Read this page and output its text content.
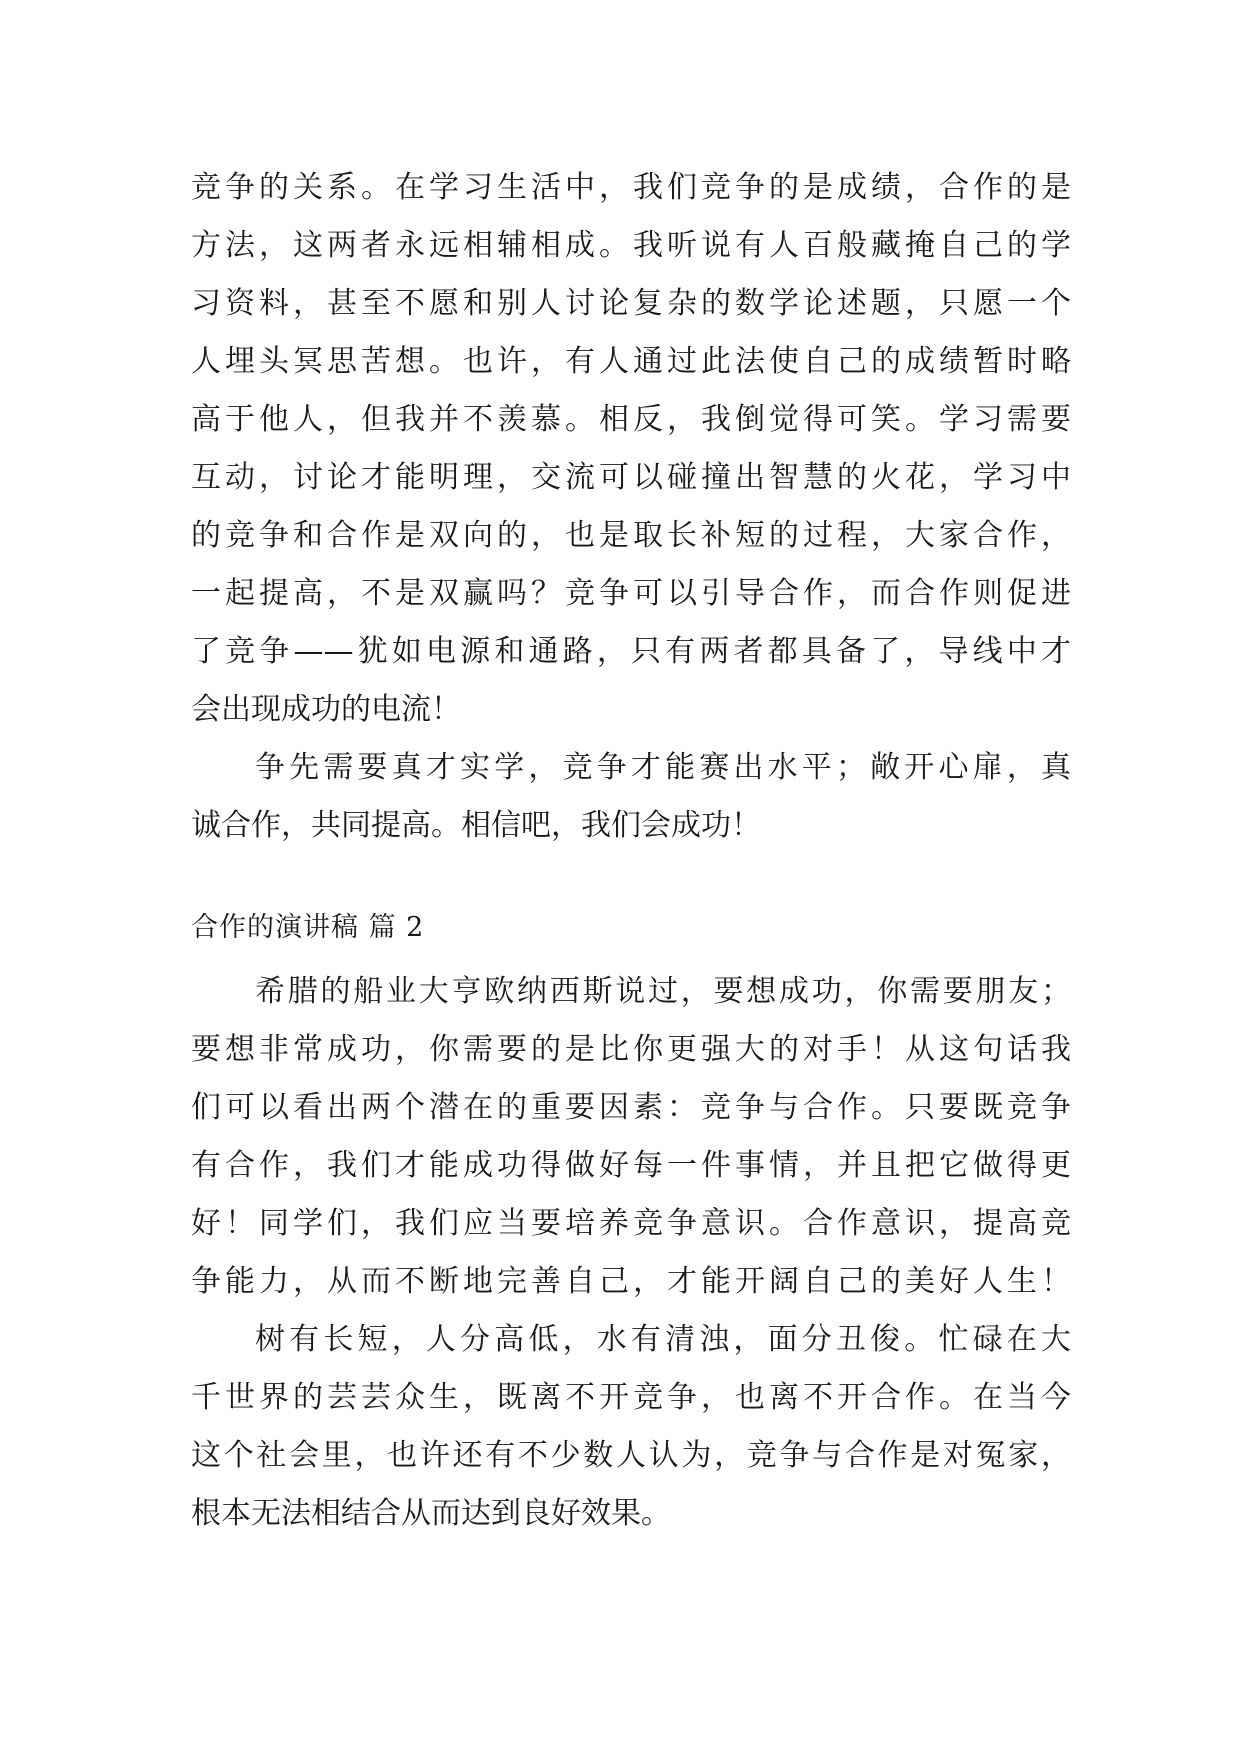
竞争的关系。在学习生活中，我们竞争的是成绩，合作的是
方法，这两者永远相辅相成。我听说有人百般藏掩自己的学
习资料，甚至不愿和别人讨论复杂的数学论述题，只愿一个
人埋头冥思苦想。也许，有人通过此法使自己的成绩暂时略
高于他人，但我并不羡慕。相反，我倒觉得可笑。学习需要
互动，讨论才能明理，交流可以碰撞出智慧的火花，学习中
的竞争和合作是双向的，也是取长补短的过程，大家合作，
一起提高，不是双赢吗？竞争可以引导合作，而合作则促进
了竞争——犹如电源和通路，只有两者都具备了，导线中才
会出现成功的电流！
争先需要真才实学，竞争才能赛出水平；敞开心扉，真
诚合作，共同提高。相信吧，我们会成功！
合作的演讲稿 篇 2
希腊的船业大亨欧纳西斯说过，要想成功，你需要朋友；
要想非常成功，你需要的是比你更强大的对手！从这句话我
们可以看出两个潜在的重要因素：竞争与合作。只要既竞争
有合作，我们才能成功得做好每一件事情，并且把它做得更
好！同学们，我们应当要培养竞争意识。合作意识，提高竞
争能力，从而不断地完善自己，才能开阔自己的美好人生！
树有长短，人分高低，水有清浊，面分丑俊。忙碌在大
千世界的芸芸众生，既离不开竞争，也离不开合作。在当今
这个社会里，也许还有不少数人认为，竞争与合作是对冤家，
根本无法相结合从而达到良好效果。
